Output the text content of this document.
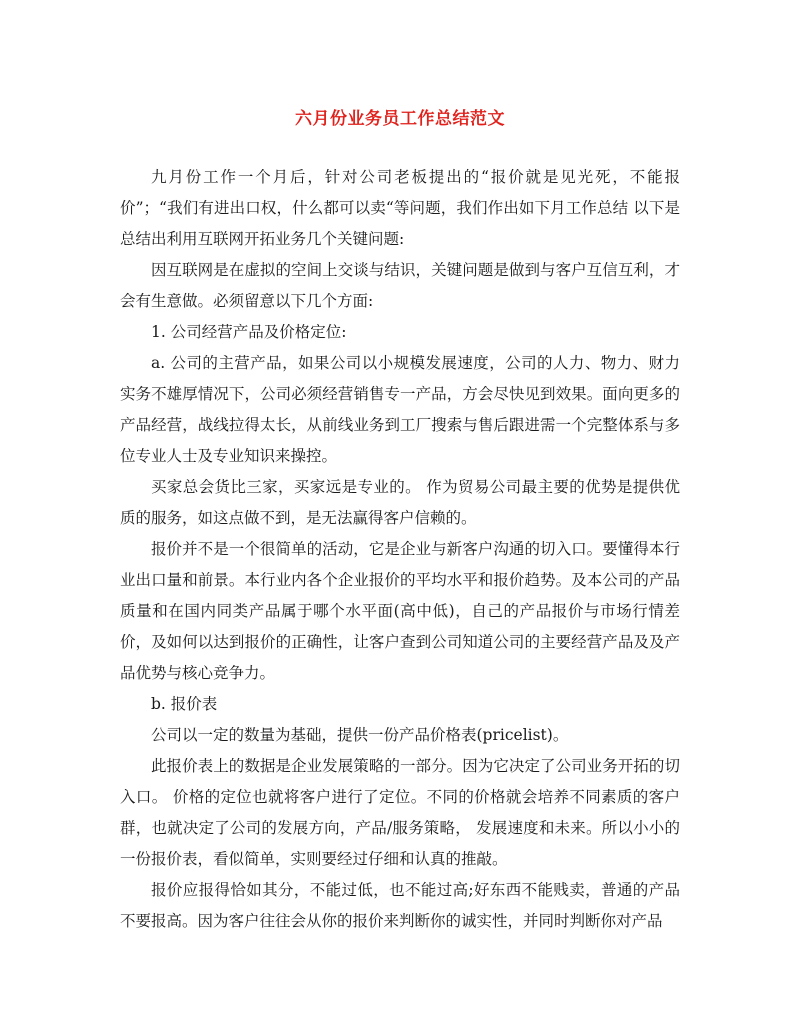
六月份业务员工作总结范文

九月份工作一个月后，针对公司老板提出的“报价就是见光死，不能报价”；“我们有进出口权，什么都可以卖“等问题，我们作出如下月工作总结 以下是总结出利用互联网开拓业务几个关键问题:

因互联网是在虚拟的空间上交谈与结识，关键问题是做到与客户互信互利，才会有生意做。必须留意以下几个方面:

1. 公司经营产品及价格定位:

a. 公司的主营产品，如果公司以小规模发展速度，公司的人力、物力、财力实务不雄厚情况下，公司必须经营销售专一产品，方会尽快见到效果。面向更多的产品经营，战线拉得太长，从前线业务到工厂搜索与售后跟进需一个完整体系与多位专业人士及专业知识来操控。

买家总会货比三家，买家远是专业的。 作为贸易公司最主要的优势是提供优质的服务，如这点做不到，是无法赢得客户信赖的。

报价并不是一个很简单的活动，它是企业与新客户沟通的切入口。要懂得本行业出口量和前景。本行业内各个企业报价的平均水平和报价趋势。及本公司的产品质量和在国内同类产品属于哪个水平面(高中低)，自己的产品报价与市场行情差价，及如何以达到报价的正确性，让客户查到公司知道公司的主要经营产品及及产品优势与核心竞争力。

b. 报价表

公司以一定的数量为基础，提供一份产品价格表(pricelist)。

此报价表上的数据是企业发展策略的一部分。因为它决定了公司业务开拓的切入口。 价格的定位也就将客户进行了定位。不同的价格就会培养不同素质的客户群，也就决定了公司的发展方向，产品/服务策略， 发展速度和未来。所以小小的一份报价表，看似简单，实则要经过仔细和认真的推敲。

报价应报得恰如其分，不能过低，也不能过高;好东西不能贱卖，普通的产品不要报高。因为客户往往会从你的报价来判断你的诚实性，并同时判断你对产品
